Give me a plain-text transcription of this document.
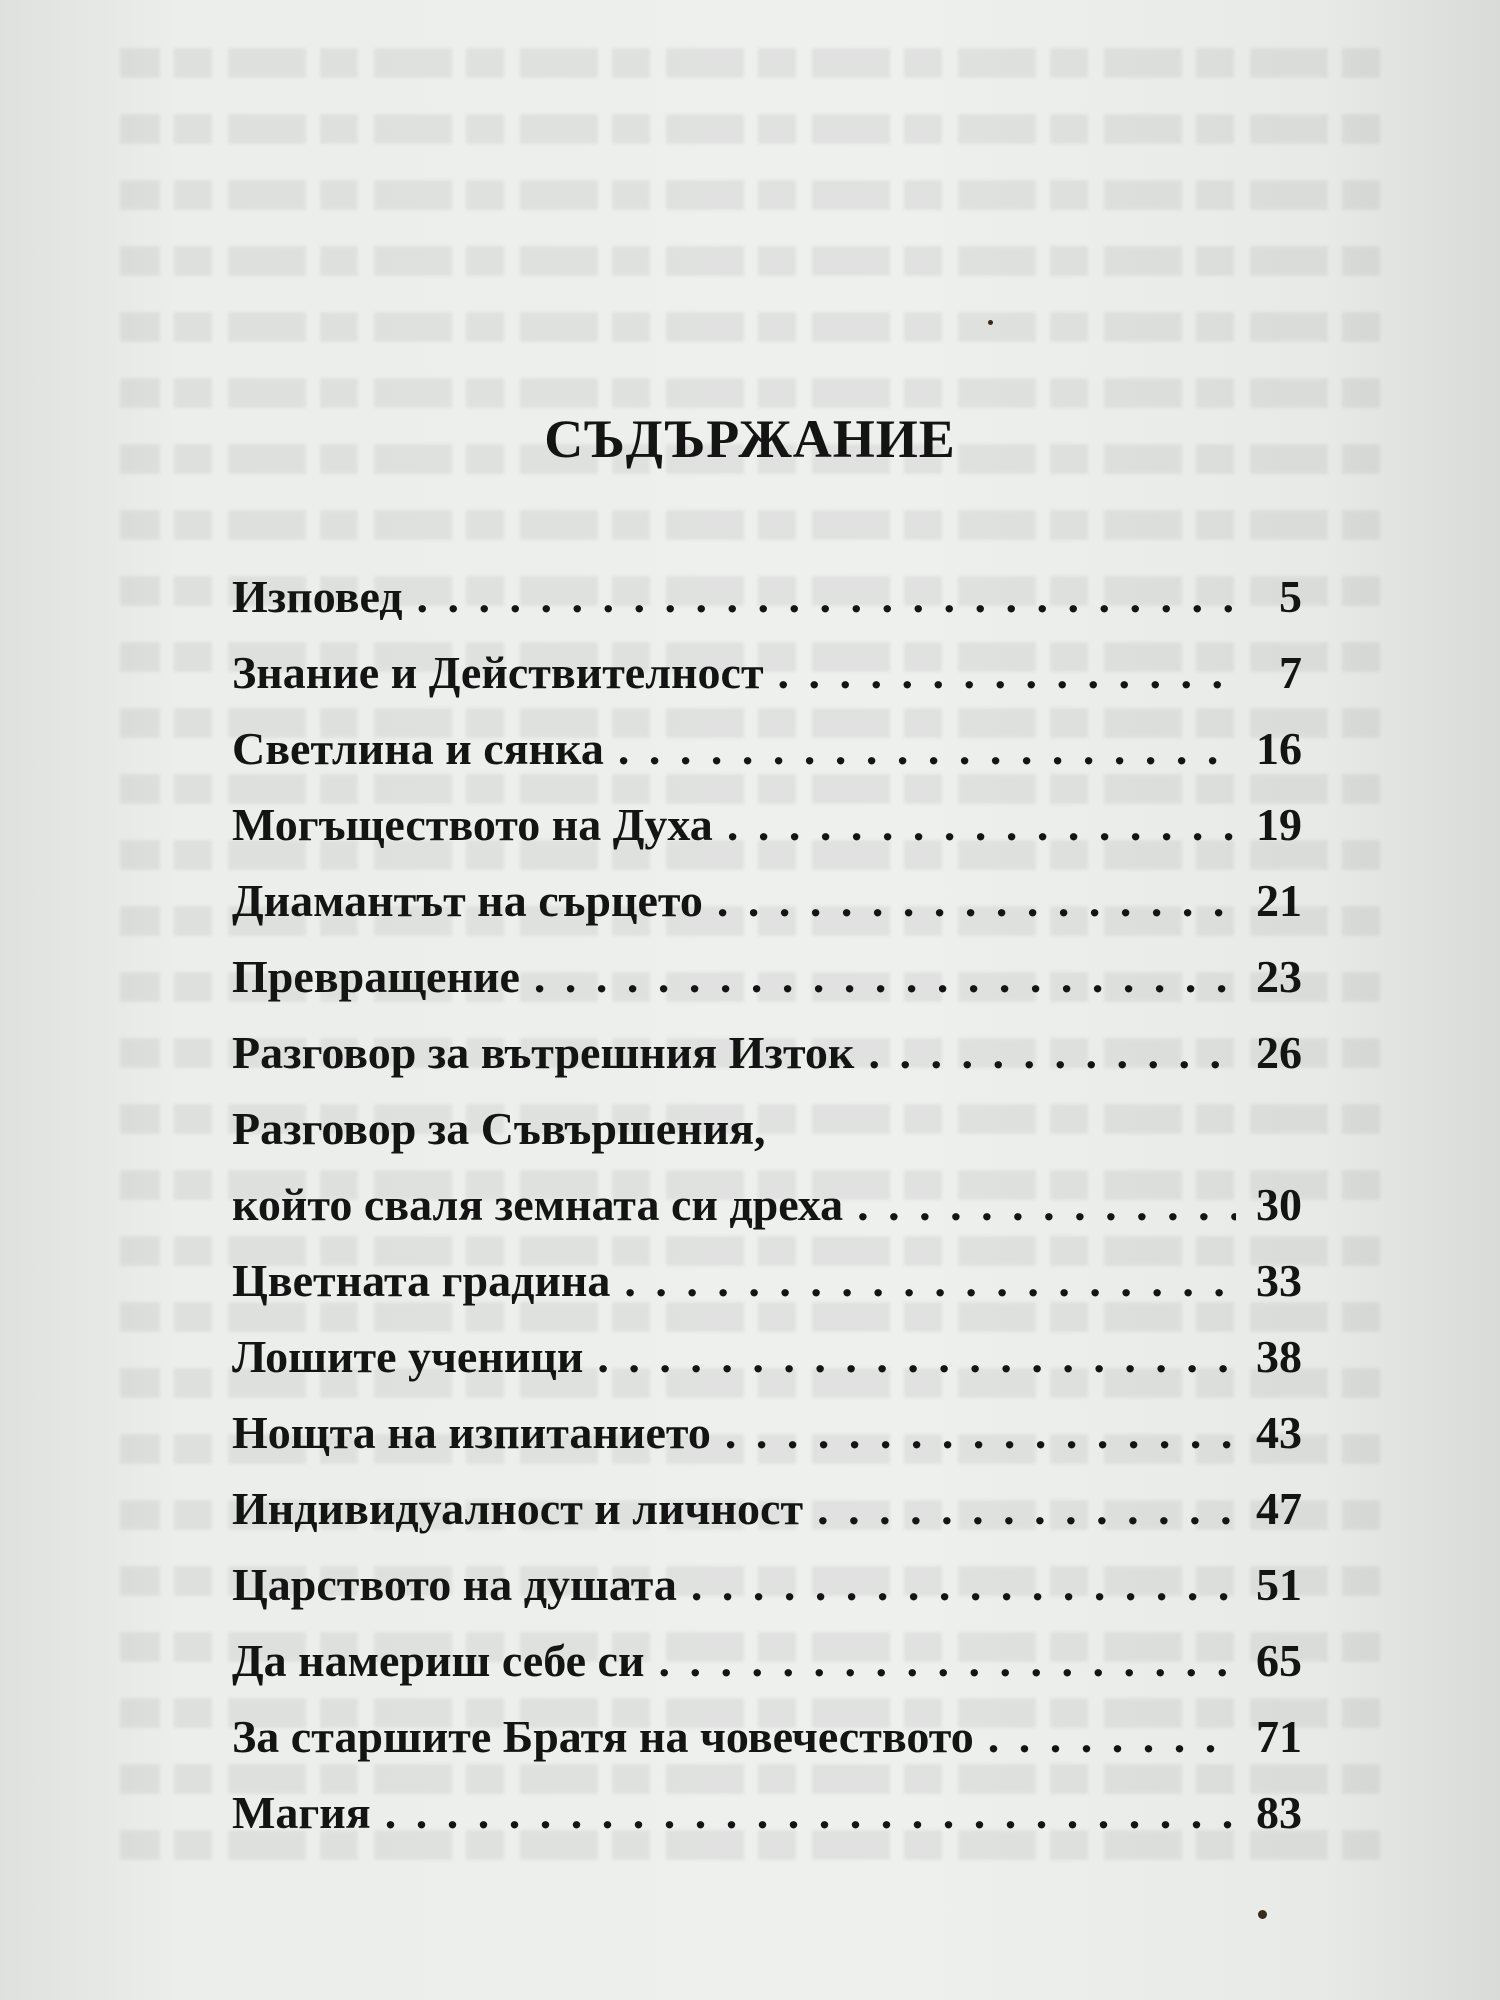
СЪДЪРЖАНИЕ
Изповед . . .	5
Знание и Действителност . . .	7
Светлина и сянка . . .	16
Могъществото на Духа . . .	19
Диамантът на сърцето . . .	21
Превращение . . .	23
Разговор за вътрешния Изток . . .	26
Разговор за Съвършения,
който сваля земната си дреха . . .	30
Цветната градина . . .	33
Лошите ученици . . .	38
Нощта на изпитанието . . .	43
Индивидуалност и личност . . .	47
Царството на душата . . .	51
Да намериш себе си . . .	65
За старшите Братя на човечеството . . .	71
Магия . . .	83
